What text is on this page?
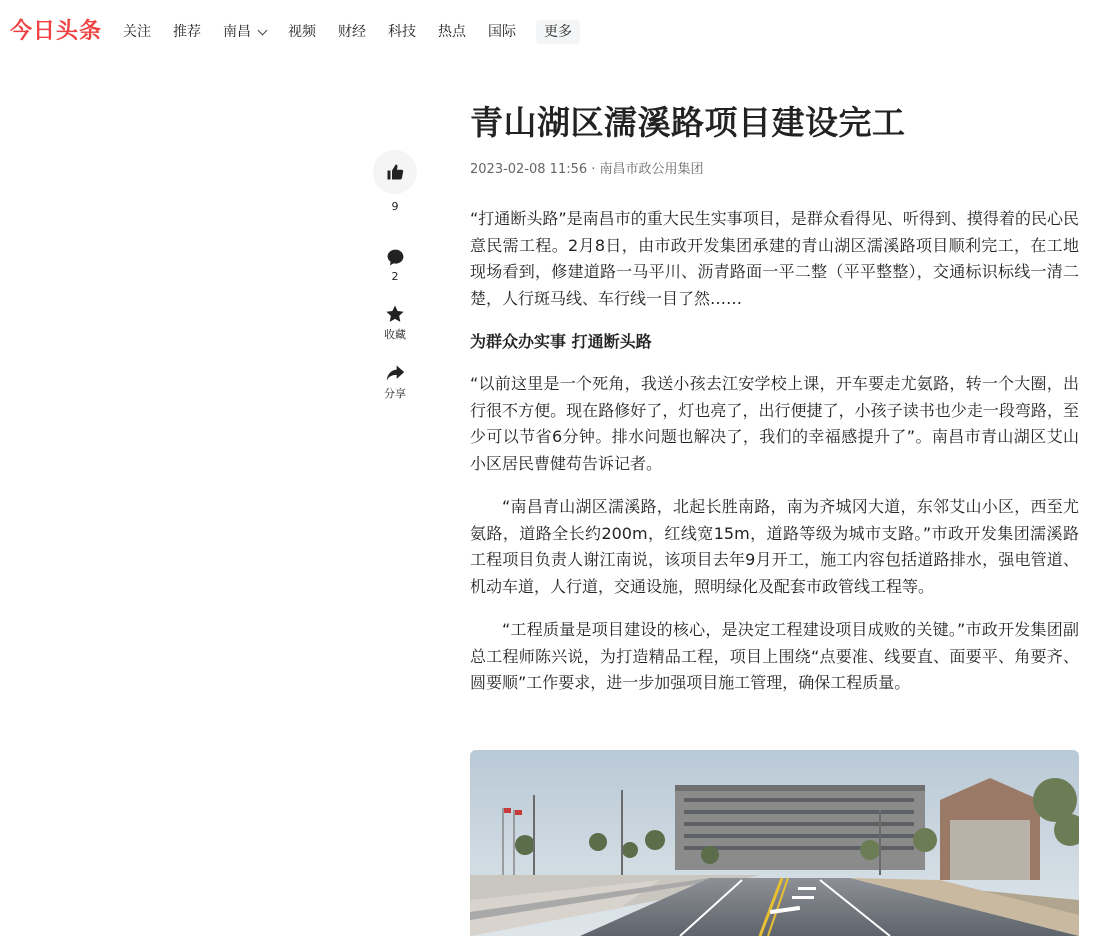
今日头条 关注 推荐 南昌	视频 财经 科技 热点 国际	更多
9
2
收藏
分享
青山湖区濡溪路项目建设完工
2023-02-08 11:56 · 南昌市政公用集团

“打通断头路”是南昌市的重大民生实事项目，是群众看得见、听得到、摸得着的民心民意民需工程。2月8日，由市政开发集团承建的青山湖区濡溪路项目顺利完工，在工地现场看到，修建道路一马平川、沥青路面一平二整（平平整整），交通标识标线一清二楚，人行斑马线、车行线一目了然……

为群众办实事 打通断头路

“以前这里是一个死角，我送小孩去江安学校上课，开车要走尤氨路，转一个大圈，出行很不方便。现在路修好了，灯也亮了，出行便捷了，小孩子读书也少走一段弯路，至少可以节省6分钟。排水问题也解决了，我们的幸福感提升了”。南昌市青山湖区艾山小区居民曹健苟告诉记者。

“南昌青山湖区濡溪路，北起长胜南路，南为齐城冈大道，东邻艾山小区，西至尤氨路，道路全长约200m，红线宽15m，道路等级为城市支路。”市政开发集团濡溪路工程项目负责人谢江南说，该项目去年9月开工，施工内容包括道路排水，强电管道、机动车道，人行道，交通设施，照明绿化及配套市政管线工程等。

“工程质量是项目建设的核心，是决定工程建设项目成败的关键。”市政开发集团副总工程师陈兴说，为打造精品工程，项目上围绕“点要准、线要直、面要平、角要齐、圆要顺”工作要求，进一步加强项目施工管理，确保工程质量。
